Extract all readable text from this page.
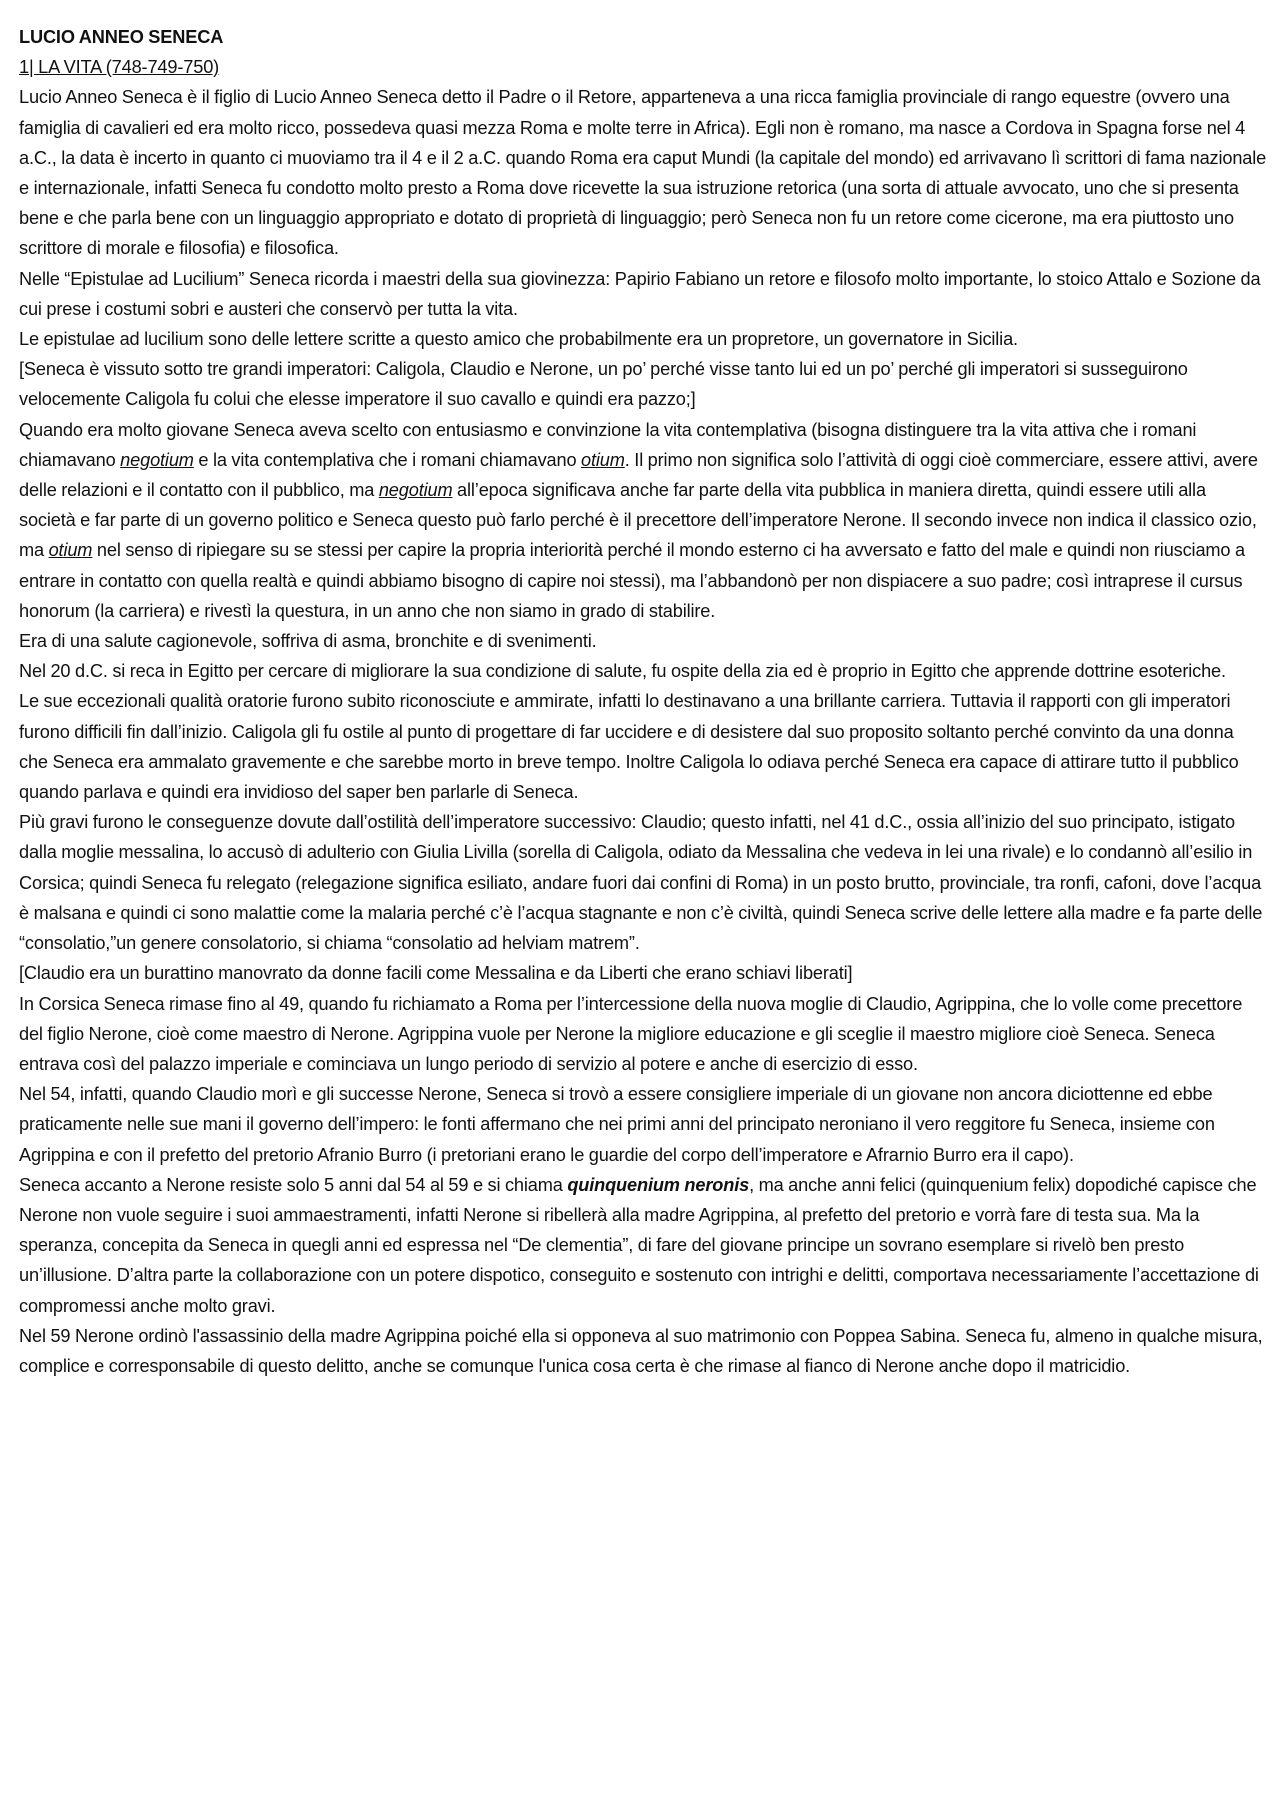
LUCIO ANNEO SENECA

1| LA VITA (748-749-750)

Lucio Anneo Seneca è il figlio di Lucio Anneo Seneca detto il Padre o il Retore, apparteneva a una ricca famiglia provinciale di rango equestre (ovvero una famiglia di cavalieri ed era molto ricco, possedeva quasi mezza Roma e molte terre in Africa). Egli non è romano, ma nasce a Cordova in Spagna forse nel 4 a.C., la data è incerto in quanto ci muoviamo tra il 4 e il 2 a.C. quando Roma era caput Mundi (la capitale del mondo) ed arrivavano lì scrittori di fama nazionale e internazionale, infatti Seneca fu condotto molto presto a Roma dove ricevette la sua istruzione retorica (una sorta di attuale avvocato, uno che si presenta bene e che parla bene con un linguaggio appropriato e dotato di proprietà di linguaggio; però Seneca non fu un retore come cicerone, ma era piuttosto uno scrittore di morale e filosofia) e filosofica.

Nelle “Epistulae ad Lucilium” Seneca ricorda i maestri della sua giovinezza: Papirio Fabiano un retore e filosofo molto importante, lo stoico Attalo e Sozione da cui prese i costumi sobri e austeri che conservò per tutta la vita.

Le epistulae ad lucilium sono delle lettere scritte a questo amico che probabilmente era un propretore, un governatore in Sicilia.

[Seneca è vissuto sotto tre grandi imperatori: Caligola, Claudio e Nerone, un po’ perché visse tanto lui ed un po’ perché gli imperatori si susseguirono velocemente Caligola fu colui che elesse imperatore il suo cavallo e quindi era pazzo;]

Quando era molto giovane Seneca aveva scelto con entusiasmo e convinzione la vita contemplativa (bisogna distinguere tra la vita attiva che i romani chiamavano negotium e la vita contemplativa che i romani chiamavano otium. Il primo non significa solo l’attività di oggi cioè commerciare, essere attivi, avere delle relazioni e il contatto con il pubblico, ma negotium all’epoca significava anche far parte della vita pubblica in maniera diretta, quindi essere utili alla società e far parte di un governo politico e Seneca questo può farlo perché è il precettore dell’imperatore Nerone. Il secondo invece non indica il classico ozio, ma otium nel senso di ripiegare su se stessi per capire la propria interiorità perché il mondo esterno ci ha avversato e fatto del male e quindi non riusciamo a entrare in contatto con quella realtà e quindi abbiamo bisogno di capire noi stessi), ma l’abbandonò per non dispiacere a suo padre; così intraprese il cursus honorum (la carriera) e rivestì la questura, in un anno che non siamo in grado di stabilire.

Era di una salute cagionevole, soffriva di asma, bronchite e di svenimenti.

Nel 20 d.C. si reca in Egitto per cercare di migliorare la sua condizione di salute, fu ospite della zia ed è proprio in Egitto che apprende dottrine esoteriche.

Le sue eccezionali qualità oratorie furono subito riconosciute e ammirate, infatti lo destinavano a una brillante carriera. Tuttavia il rapporti con gli imperatori furono difficili fin dall’inizio. Caligola gli fu ostile al punto di progettare di far uccidere e di desistere dal suo proposito soltanto perché convinto da una donna che Seneca era ammalato gravemente e che sarebbe morto in breve tempo. Inoltre Caligola lo odiava perché Seneca era capace di attirare tutto il pubblico quando parlava e quindi era invidioso del saper ben parlarle di Seneca.

Più gravi furono le conseguenze dovute dall’ostilità dell’imperatore successivo: Claudio; questo infatti, nel 41 d.C., ossia all’inizio del suo principato, istigato dalla moglie messalina, lo accusò di adulterio con Giulia Livilla (sorella di Caligola, odiato da Messalina che vedeva in lei una rivale) e lo condannò all’esilio in Corsica; quindi Seneca fu relegato (relegazione significa esiliato, andare fuori dai confini di Roma) in un posto brutto, provinciale, tra ronfi, cafoni, dove l’acqua è malsana e quindi ci sono malattie come la malaria perché c’è l’acqua stagnante e non c’è civiltà, quindi Seneca scrive delle lettere alla madre e fa parte delle “consolatio,”un genere consolatorio, si chiama “consolatio ad helviam matrem”.

[Claudio era un burattino manovrato da donne facili come Messalina e da Liberti che erano schiavi liberati]

In Corsica Seneca rimase fino al 49, quando fu richiamato a Roma per l’intercessione della nuova moglie di Claudio, Agrippina, che lo volle come precettore del figlio Nerone, cioè come maestro di Nerone. Agrippina vuole per Nerone la migliore educazione e gli sceglie il maestro migliore cioè Seneca. Seneca entrava così del palazzo imperiale e cominciava un lungo periodo di servizio al potere e anche di esercizio di esso.

Nel 54, infatti, quando Claudio morì e gli successe Nerone, Seneca si trovò a essere consigliere imperiale di un giovane non ancora diciottenne ed ebbe praticamente nelle sue mani il governo dell’impero: le fonti affermano che nei primi anni del principato neroniano il vero reggitore fu Seneca, insieme con Agrippina e con il prefetto del pretorio Afranio Burro (i pretoriani erano le guardie del corpo dell’imperatore e Afrarnio Burro era il capo).

Seneca accanto a Nerone resiste solo 5 anni dal 54 al 59 e si chiama quinquenium neronis, ma anche anni felici (quinquenium felix) dopodiché capisce che Nerone non vuole seguire i suoi ammaestramenti, infatti Nerone si ribellerà alla madre Agrippina, al prefetto del pretorio e vorrà fare di testa sua. Ma la speranza, concepita da Seneca in quegli anni ed espressa nel “De clementia”, di fare del giovane principe un sovrano esemplare si rivelò ben presto un’illusione. D’altra parte la collaborazione con un potere dispotico, conseguito e sostenuto con intrighi e delitti, comportava necessariamente l’accettazione di compromessi anche molto gravi.

Nel 59 Nerone ordinò l'assassinio della madre Agrippina poiché ella si opponeva al suo matrimonio con Poppea Sabina. Seneca fu, almeno in qualche misura, complice e corresponsabile di questo delitto, anche se comunque l'unica cosa certa è che rimase al fianco di Nerone anche dopo il matricidio.
